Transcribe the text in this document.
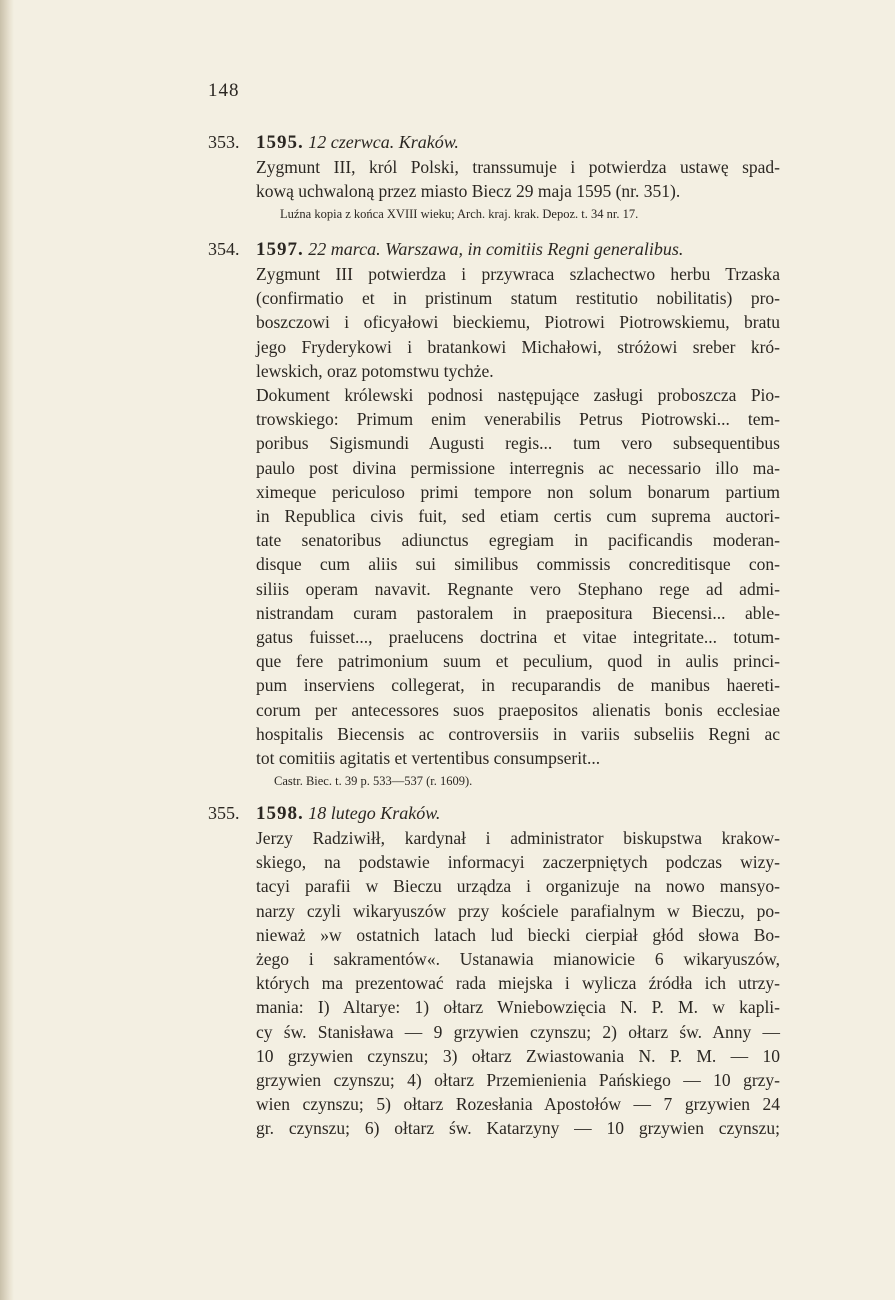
148
353. 1595. 12 czerwca. Kraków.
Zygmunt III, król Polski, transsumuje i potwierdza ustawę spad-
kową uchwaloną przez miasto Biecz 29 maja 1595 (nr. 351).
Luźna kopia z końca XVIII wieku; Arch. kraj. krak. Depoz. t. 34 nr. 17.
354. 1597. 22 marca. Warszawa, in comitiis Regni generalibus.
Zygmunt III potwierdza i przywraca szlachectwo herbu Trzaska
(confirmatio et in pristinum statum restitutio nobilitatis) pro-
boszczowi i oficyałowi bieckiemu, Piotrowi Piotrowskiemu, bratu
jego Fryderykowi i bratankowi Michałowi, stróżowi sreber kró-
lewskich, oraz potomstwu tychże.
Dokument królewski podnosi następujące zasługi proboszcza Pio-
trowskiego: Primum enim venerabilis Petrus Piotrowski... tem-
poribus Sigismundi Augusti regis... tum vero subsequentibus
paulo post divina permissione interregnis ac necessario illo ma-
ximeque periculoso primi tempore non solum bonarum partium
in Republica civis fuit, sed etiam certis cum suprema auctori-
tate senatoribus adiunctus egregiam in pacificandis moderan-
disque cum aliis sui similibus commissis concreditisque con-
siliis operam navavit. Regnante vero Stephano rege ad admi-
nistrandam curam pastoralem in praepositura Biecensi... able-
gatus fuisset..., praelucens doctrina et vitae integritate... totum-
que fere patrimonium suum et peculium, quod in aulis princi-
pum inserviens collegerat, in recuparandis de manibus haereti-
corum per antecessores suos praepositos alienatis bonis ecclesiae
hospitalis Biecensis ac controversiis in variis subseliis Regni ac
tot comitiis agitatis et vertentibus consumpserit...
Castr. Biec. t. 39 p. 533—537 (r. 1609).
355. 1598. 18 lutego Kraków.
Jerzy Radziwiłł, kardynał i administrator biskupstwa krakow-
skiego, na podstawie informacyi zaczerpniętych podczas wizy-
tacyi parafii w Bieczu urządza i organizuje na nowo mansyo-
narzy czyli wikaryuszów przy kościele parafialnym w Bieczu, po-
nieważ »w ostatnich latach lud biecki cierpiał głód słowa Bo-
żego i sakramentów«. Ustanawia mianowicie 6 wikaryuszów,
których ma prezentować rada miejska i wylicza źródła ich utrzy-
mania: I) Altarye: 1) ołtarz Wniebowzięcia N. P. M. w kapli-
cy św. Stanisława — 9 grzywien czynszu; 2) ołtarz św. Anny —
10 grzywien czynszu; 3) ołtarz Zwiastowania N. P. M. — 10
grzywien czynszu; 4) ołtarz Przemienienia Pańskiego — 10 grzy-
wien czynszu; 5) ołtarz Rozesłania Apostołów — 7 grzywien 24
gr. czynszu; 6) ołtarz św. Katarzyny — 10 grzywien czynszu;
